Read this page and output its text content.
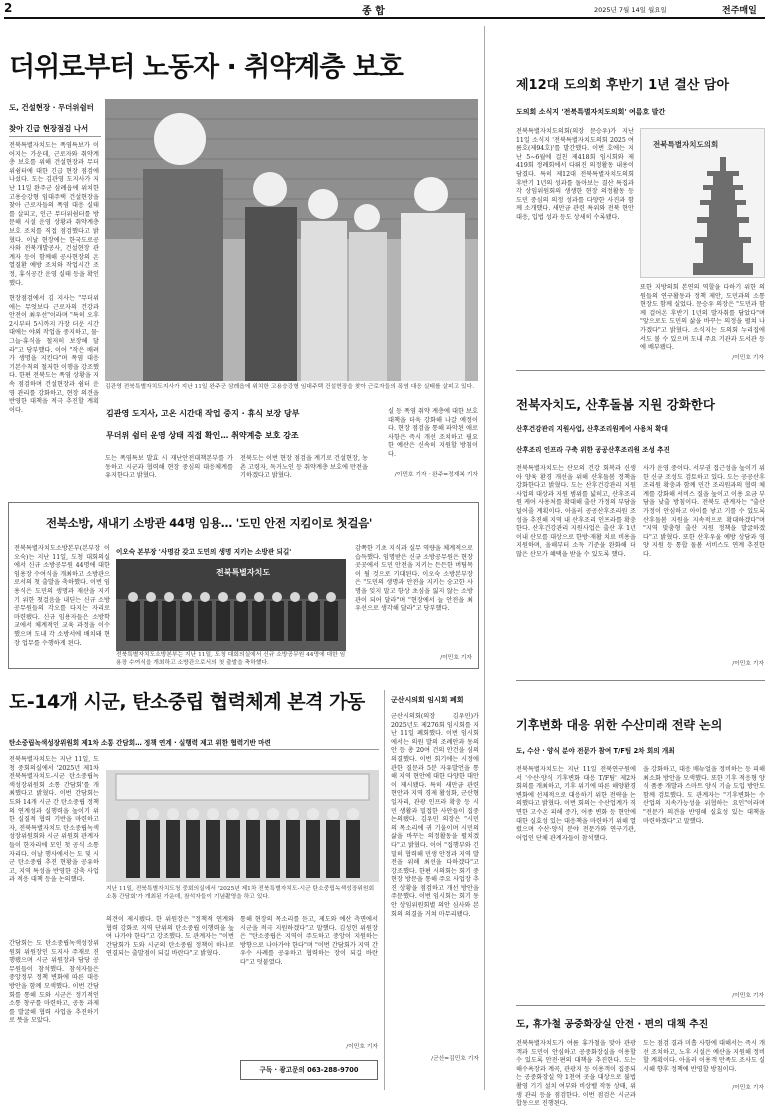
2	종 합	2025년 7월 14일 월요일	전주매일
더위로부터 노동자 · 취약계층 보호
도, 건설현장 · 무더위쉼터
찾아 긴급 현장점검 나서
전북특별자치도는 폭염특보가 이어지는 가운데, 근로자와 취약계층 보호를 위해 건설현장과 무더위쉼터에 대한 긴급 현장 점검에 나섰다. 도는 김관영 도지사가 지난 11일 완주군 삼례읍에 위치한 고용승강형 임대주택 건설현장을 찾아 근로자들의 폭염 대응 실태를 살피고, 인근 무더위쉼터를 방문해 시설 운영 상황과 취약계층 보호 조치를 직접 점검했다고 밝혔다. 이날 현장에는 한국도로공사와 전북개발공사, 건설현장 관계자 등이 함께해 공사현장의 온열질환 예방 조치와 작업시간 조정, 휴식공간 운영 실태 등을 확인했다.
현장점검에서 김 지사는 "무더위에는 무엇보다 근로자의 건강과 안전이 최우선"이라며 "특히 오후 2시부터 5시까지 가장 더운 시간대에는 야외 작업을 중지하고, 물·그늘·휴식을 철저히 보장해 달라"고 당부했다. 이어 "작은 배려가 생명을 지킨다"며 폭염 대응 기본수칙의 철저한 이행을 강조했다. 한편 전북도는 폭염 상황을 지속 점검하며 건설현장과 쉼터 운영 관리를 강화하고, 현장 의견을 반영한 대책을 적극 추진할 계획이다.
김관영 전북특별자치도지사가 지난 11일 완주군 삼례읍에 위치한 고용승강형 임대주택 건설현장을 찾아 근로자들의 폭염 대응 실태를 살피고 있다.
김관영 도지사, 고온 시간대 작업 중지 · 휴식 보장 당부
무더위 쉼터 운영 상태 직접 확인… 취약계층 보호 강조
도는 폭염특보 발효 시 재난안전대책본부를 가동하고 시군과 협력해 현장 중심의 대응체계를 유지한다고 밝혔다.
전북도는 이번 현장 점검을 계기로 건설현장, 농촌 고령자, 독거노인 등 취약계층 보호에 만전을 기하겠다고 밝혔다.
실 등 폭염 취약 계층에 대한 보호 대책을 더욱 강화해 나갈 예정이다. 현장 점검을 통해 파악된 애로사항은 즉시 개선 조치하고 필요한 예산은 신속히 지원할 방침이다.
/이민호 기자 · 완주=정재복 기자
제12대 도의회 후반기 1년 결산 담아
도의회 소식지 '전북특별자치도의회' 여름호 발간
전북특별자치도의회(의장 문승우)가 지난 11일 소식지 '전북특별자치도의회 2025 여름호(제94호)'를 발간했다. 이번 호에는 지난 5~6월에 걸친 제418회 임시회와 제419회 정례회에서 다뤄진 의정활동 내용이 담겼다. 특히 제12대 전북특별자치도의회 후반기 1년의 성과를 돌아보는 결산 특집과 각 상임위원회의 생생한 현장 의정활동 등 도민 중심의 의정 성과를 다양한 사진과 함께 소개했다. 새만금 관련 특위와 전북 현안 대응, 입법 성과 등도 상세히 수록됐다.
또한 지방의회 본연의 역할을 다하기 위한 의원들의 연구활동과 정책 제안, 도민과의 소통 현장도 함께 실었다. 문승우 의장은 "도민과 함께 걸어온 후반기 1년의 발자취를 담았다"며 "앞으로도 도민의 삶을 바꾸는 의정을 펼쳐 나가겠다"고 밝혔다. 소식지는 도의회 누리집에서도 볼 수 있으며 도내 주요 기관과 도서관 등에 배부됐다.
/이민호 기자
전북특별자치도의회
전북자치도, 산후돌봄 지원 강화한다
산후건강관리 지원사업, 산후조리원케어 사용처 확대
산후조리 인프라 구축 위한 공공산후조리원 조성 추진
전북특별자치도는 산모의 건강 회복과 신생아 양육 환경 개선을 위해 산후돌봄 정책을 강화한다고 밝혔다. 도는 산후건강관리 지원사업의 대상과 지원 범위를 넓히고, 산후조리원 케어 사용처를 확대해 출산 가정의 부담을 덜어줄 계획이다. 아울러 공공산후조리원 조성을 추진해 지역 내 산후조리 인프라를 확충한다. 산후건강관리 지원사업은 출산 후 1년 이내 산모를 대상으로 한방·재활 치료 비용을 지원하며, 올해부터 소득 기준을 완화해 더 많은 산모가 혜택을 받을 수 있도록 했다.
사가 운영 중이다. 서부권 접근성을 높이기 위한 신규 조성도 검토하고 있다. 도는 공공산후조리원 확충과 함께 민간 조리원과의 협력 체계를 강화해 서비스 질을 높이고 이용 요금 부담을 낮출 방침이다. 전북도 관계자는 "출산 가정이 안심하고 아이를 낳고 기를 수 있도록 산후돌봄 지원을 지속적으로 확대하겠다"며 "지역 맞춤형 출산 지원 정책을 발굴하겠다"고 밝혔다. 또한 산후우울 예방 상담과 영양 지원 등 통합 돌봄 서비스도 연계 추진한다.
/이민호 기자
전북소방, 새내기 소방관 44명 임용… '도민 안전 지킴이로 첫걸음'
전북특별자치도소방본부(본부장 이오숙)는 지난 11일, 도청 대회의실에서 신규 소방공무원 44명에 대한 임용장 수여식을 개최하고 소방관으로서의 첫 출발을 축하했다. 이번 임용식은 도민의 생명과 재산을 지키기 위한 첫걸음을 내딛는 신규 소방공무원들의 각오를 다지는 자리로 마련됐다. 신규 임용자들은 소방학교에서 체계적인 교육 과정을 이수했으며 도내 각 소방서에 배치돼 현장 업무를 수행하게 된다.
이오숙 본부장 '사명감 갖고 도민의 생명 지키는 소방관 되길'
전북특별자치도
전북특별자치도소방본부는 지난 11일, 도청 대회의실에서 신규 소방공무원 44명에 대한 임용장 수여식을 개최하고 소방관으로서의 첫 출발을 축하했다.
감쪽한 기초 지식과 실무 역량을 체계적으로 습득했다. 임명받은 신규 소방공무원은 현장 곳곳에서 도민 안전을 지키는 든든한 버팀목이 될 것으로 기대된다. 이오숙 소방본부장은 "도민의 생명과 안전을 지키는 숭고한 사명을 잊지 말고 항상 초심을 잃지 않는 소방관이 되어 달라"며 "현장에서 늘 안전을 최우선으로 생각해 달라"고 당부했다.
/이민호 기자
도-14개 시군, 탄소중립 협력체계 본격 가동
탄소중립녹색성장위원회 제1차 소통 간담회… 정책 연계 · 실행력 제고 위한 협력기반 마련
전북특별자치도는 지난 11일, 도청 중회의실에서 '2025년 제1차 전북특별자치도-시군 탄소중립녹색성장위원회 소통 간담회'를 개최했다고 밝혔다. 이번 간담회는 도와 14개 시군 간 탄소중립 정책의 연계성과 실행력을 높이기 위한 실질적 협력 기반을 마련하고자, 전북특별자치도 탄소중립녹색성장위원회와 시군 위원회 관계자들이 한자리에 모인 첫 공식 소통 자리다. 이날 행사에서는 도 및 시군 탄소중립 추진 현황을 공유하고, 지역 특성을 반영한 감축 사업과 적응 대책 등을 논의했다.
간담회는 도 탄소중립녹색성장위원회 위원장인 도지사 주재로 진행됐으며 시군 위원장과 담당 공무원들이 참석했다. 참석자들은 중앙정부 정책 변화에 따른 대응 방안을 함께 모색했다. 이번 간담회를 통해 도와 시군은 정기적인 소통 창구를 마련하고, 공동 과제를 발굴해 협력 사업을 추진하기로 뜻을 모았다.
지난 11일, 전북특별자치도청 중회의실에서 '2025년 제1차 전북특별자치도-시군 탄소중립녹색성장위원회 소통 간담회'가 개최된 가운데, 참석자들이 기념촬영을 하고 있다.
의견이 제시됐다. 한 위원장은 "정책적 연계와 협력 강화로 지역 단위의 탄소중립 이행력을 높여 나가야 한다"고 강조했다. 도 관계자는 "이번 간담회가 도와 시군의 탄소중립 정책이 하나로 연결되는 출발점이 되길 바란다"고 밝혔다.
통해 현장의 목소리를 듣고, 제도와 예산 측면에서 시군을 적극 지원하겠다"고 말했다. 김성헌 위원장은 "탄소중립은 지역이 주도하고 중앙이 지원하는 방향으로 나아가야 한다"며 "이번 간담회가 지역 간 우수 사례를 공유하고 협력하는 장이 되길 바란다"고 덧붙였다.
/이민호 기자
구독 · 광고문의 063-288-9700
군산시의회 임시회 폐회
군산시의회(의장 김우민)가 2025년도 제276회 임시회를 지난 11일 폐회했다. 이번 임시회에서는 의원 발의 조례안과 동의안 등 총 20여 건의 안건을 심의 의결했다. 이번 회기에는 시정에 관한 질문과 5분 자유발언을 통해 지역 현안에 대한 다양한 대안이 제시됐다. 특히 새만금 관련 현안과 지역 경제 활성화, 군산형 일자리, 관광 인프라 확충 등 시민 생활과 밀접한 사안들이 집중 논의됐다. 김우민 의장은 "시민의 목소리에 귀 기울이며 시민의 삶을 바꾸는 의정활동을 펼치겠다"고 밝혔다. 이어 "집행부와 긴밀히 협력해 민생 안정과 지역 발전을 위해 최선을 다하겠다"고 강조했다. 한편 시의회는 회기 중 현장 방문을 통해 주요 사업장 추진 상황을 점검하고 개선 방안을 주문했다. 이번 임시회는 회기 동안 상임위원회별 의안 심사와 본회의 의결을 거쳐 마무리됐다.
/군산=김민호 기자
기후변화 대응 위한 수산미래 전략 논의
도, 수산 · 양식 분야 전문가 참여 T/F팀 2차 회의 개최
전북특별자치도는 지난 11일 전북연구원에서 '수산·양식 기후변화 대응 T/F팀' 제2차 회의를 개최하고, 기후 위기에 따른 해양환경 변화에 선제적으로 대응하기 위한 전략을 논의했다고 밝혔다. 이번 회의는 수산업계가 직면한 고수온 피해 증가, 어종 변화 등 현안에 대한 실효성 있는 대응책을 마련하기 위해 열렸으며 수산·양식 분야 전문가와 연구기관, 어업인 단체 관계자들이 참석했다.
을 강화하고, 대응 매뉴얼을 정비하는 등 피해 최소화 방안을 모색했다. 또한 기후 적응형 양식 품종 개발과 스마트 양식 기술 도입 방안도 함께 검토했다. 도 관계자는 "기후변화는 수산업의 지속가능성을 위협하는 요인"이라며 "전문가 의견을 반영해 실효성 있는 대책을 마련하겠다"고 말했다.
/이민호 기자
도, 휴가철 공중화장실 안전 · 편의 대책 추진
전북특별자치도가 여름 휴가철을 맞아 관광객과 도민이 안심하고 공중화장실을 이용할 수 있도록 안전·편의 대책을 추진한다. 도는 해수욕장과 계곡, 관광지 등 이용객이 집중되는 공중화장실 약 1천여 곳을 대상으로 불법 촬영 기기 설치 여부와 비상벨 작동 상태, 위생 관리 등을 점검한다. 이번 점검은 시군과 합동으로 진행된다.
도는 점검 결과 미흡 사항에 대해서는 즉시 개선 조치하고, 노후 시설은 예산을 지원해 정비할 계획이다. 아울러 이용객 만족도 조사도 실시해 향후 정책에 반영할 방침이다.
/이민호 기자
